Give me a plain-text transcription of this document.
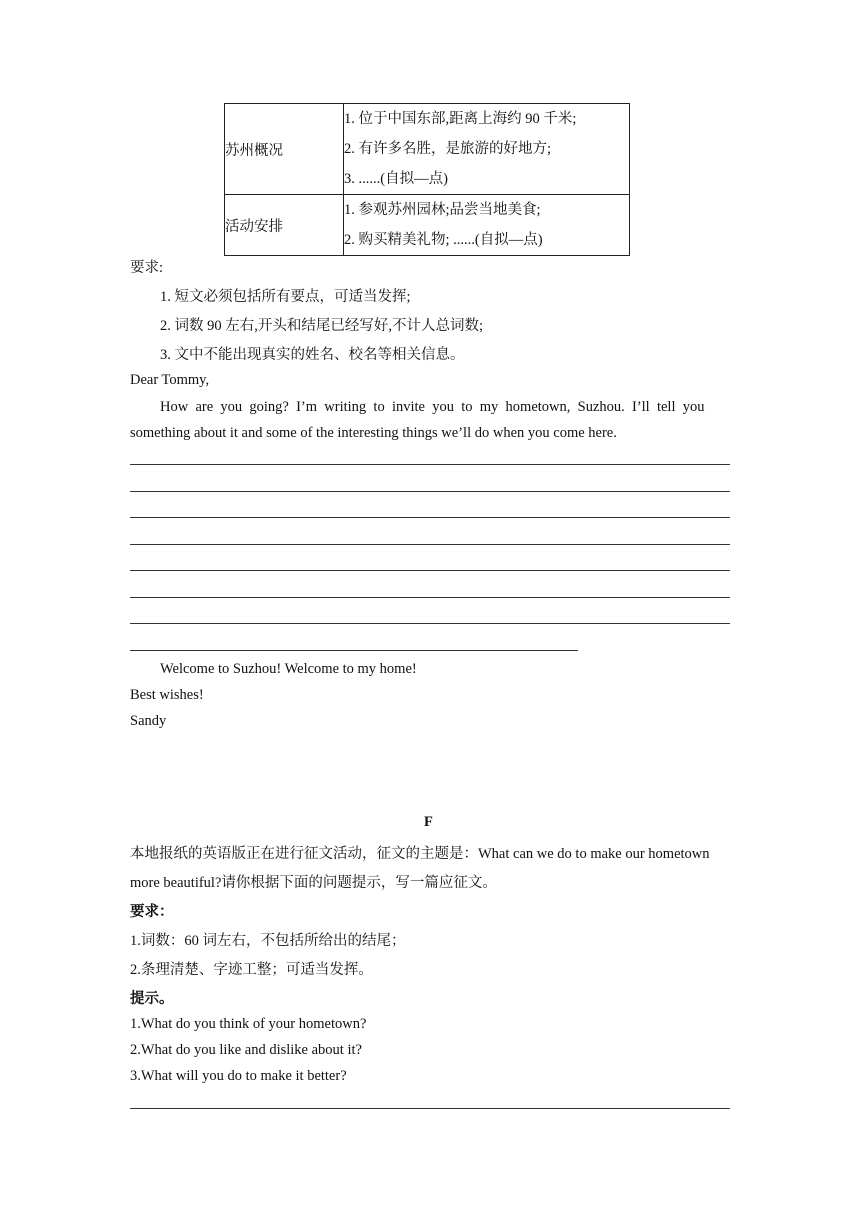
苏州概况	1. 位于中国东部,距离上海约 90 千米;
2. 有许多名胜，是旅游的好地方;
3. ......(自拟—点)

活动安排	1. 参观苏州园林;品尝当地美食;
2. 购买精美礼物; ......(自拟—点)
要求:
1. 短文必须包括所有要点，可适当发挥;
2. 词数 90 左右,开头和结尾已经写好,不计人总词数;
3. 文中不能出现真实的姓名、校名等相关信息。
Dear Tommy,
How  are  you  going?  I’m  writing  to  invite  you  to  my  hometown,  Suzhou.  I’ll  tell  you
something about it and some of the interesting things we’ll do when you come here.
Welcome to Suzhou! Welcome to my home!
Best wishes!
Sandy
F
本地报纸的英语版正在进行征文活动，征文的主题是：What can we do to make our hometown
more beautiful?请你根据下面的问题提示，写一篇应征文。
要求：
1.词数：60 词左右，不包括所给出的结尾；
2.条理清楚、字迹工整；可适当发挥。
提示。
1.What do you think of your hometown?
2.What do you like and dislike about it?
3.What will you do to make it better?
